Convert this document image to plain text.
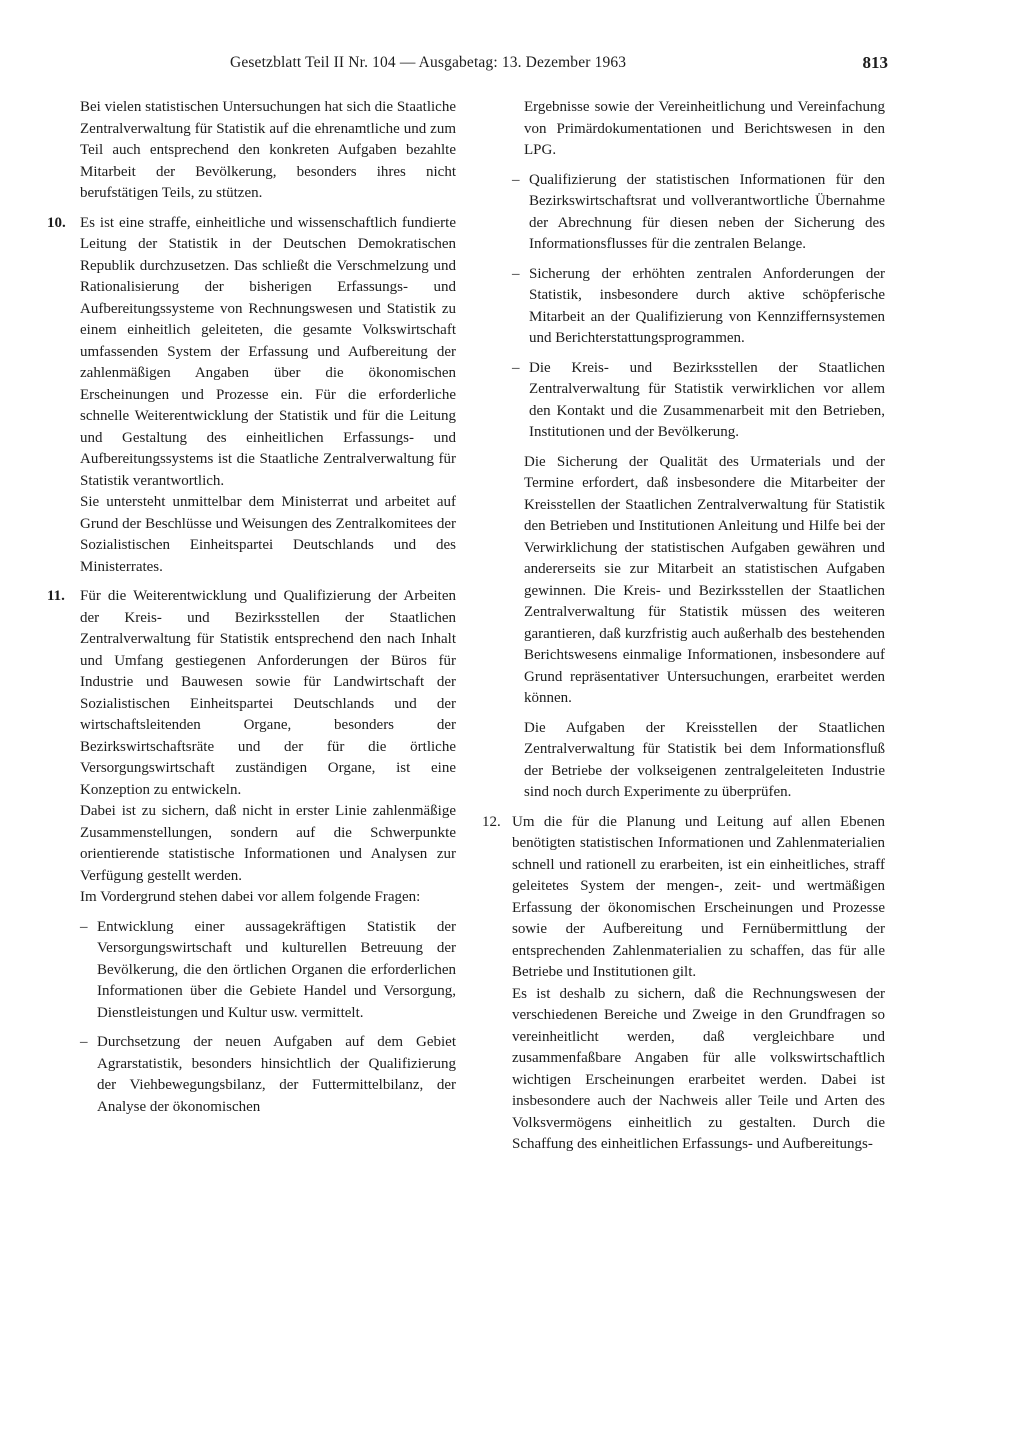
Gesetzblatt Teil II Nr. 104 — Ausgabetag: 13. Dezember 1963	813

Bei vielen statistischen Untersuchungen hat sich die Staatliche Zentralverwaltung für Statistik auf die ehrenamtliche und zum Teil auch entsprechend den konkreten Aufgaben bezahlte Mitarbeit der Bevölkerung, besonders ihres nicht berufstätigen Teils, zu stützen.

10. Es ist eine straffe, einheitliche und wissenschaftlich fundierte Leitung der Statistik in der Deutschen Demokratischen Republik durchzusetzen. Das schließt die Verschmelzung und Rationalisierung der bisherigen Erfassungs- und Aufbereitungssysteme von Rechnungswesen und Statistik zu einem einheitlich geleiteten, die gesamte Volkswirtschaft umfassenden System der Erfassung und Aufbereitung der zahlenmäßigen Angaben über die ökonomischen Erscheinungen und Prozesse ein. Für die erforderliche schnelle Weiterentwicklung der Statistik und für die Leitung und Gestaltung des einheitlichen Erfassungs- und Aufbereitungssystems ist die Staatliche Zentralverwaltung für Statistik verantwortlich.

Sie untersteht unmittelbar dem Ministerrat und arbeitet auf Grund der Beschlüsse und Weisungen des Zentralkomitees der Sozialistischen Einheitspartei Deutschlands und des Ministerrates.

11. Für die Weiterentwicklung und Qualifizierung der Arbeiten der Kreis- und Bezirksstellen der Staatlichen Zentralverwaltung für Statistik entsprechend den nach Inhalt und Umfang gestiegenen Anforderungen der Büros für Industrie und Bauwesen sowie für Landwirtschaft der Sozialistischen Einheitspartei Deutschlands und der wirtschaftsleitenden Organe, besonders der Bezirkswirtschaftsräte und der für die örtliche Versorgungswirtschaft zuständigen Organe, ist eine Konzeption zu entwickeln.

Dabei ist zu sichern, daß nicht in erster Linie zahlenmäßige Zusammenstellungen, sondern auf die Schwerpunkte orientierende statistische Informationen und Analysen zur Verfügung gestellt werden.

Im Vordergrund stehen dabei vor allem folgende Fragen:

– Entwicklung einer aussagekräftigen Statistik der Versorgungswirtschaft und kulturellen Betreuung der Bevölkerung, die den örtlichen Organen die erforderlichen Informationen über die Gebiete Handel und Versorgung, Dienstleistungen und Kultur usw. vermittelt.

– Durchsetzung der neuen Aufgaben auf dem Gebiet Agrarstatistik, besonders hinsichtlich der Qualifizierung der Viehbewegungsbilanz, der Futtermittelbilanz, der Analyse der ökonomischen

Ergebnisse sowie der Vereinheitlichung und Vereinfachung von Primärdokumentationen und Berichtswesen in den LPG.

– Qualifizierung der statistischen Informationen für den Bezirkswirtschaftsrat und vollverantwortliche Übernahme der Abrechnung für diesen neben der Sicherung des Informationsflusses für die zentralen Belange.

– Sicherung der erhöhten zentralen Anforderungen der Statistik, insbesondere durch aktive schöpferische Mitarbeit an der Qualifizierung von Kennziffernsystemen und Berichterstattungsprogrammen.

– Die Kreis- und Bezirksstellen der Staatlichen Zentralverwaltung für Statistik verwirklichen vor allem den Kontakt und die Zusammenarbeit mit den Betrieben, Institutionen und der Bevölkerung.

Die Sicherung der Qualität des Urmaterials und der Termine erfordert, daß insbesondere die Mitarbeiter der Kreisstellen der Staatlichen Zentralverwaltung für Statistik den Betrieben und Institutionen Anleitung und Hilfe bei der Verwirklichung der statistischen Aufgaben gewähren und andererseits sie zur Mitarbeit an statistischen Aufgaben gewinnen. Die Kreis- und Bezirksstellen der Staatlichen Zentralverwaltung für Statistik müssen des weiteren garantieren, daß kurzfristig auch außerhalb des bestehenden Berichtswesens einmalige Informationen, insbesondere auf Grund repräsentativer Untersuchungen, erarbeitet werden können.

Die Aufgaben der Kreisstellen der Staatlichen Zentralverwaltung für Statistik bei dem Informationsfluß der Betriebe der volkseigenen zentralgeleiteten Industrie sind noch durch Experimente zu überprüfen.

12. Um die für die Planung und Leitung auf allen Ebenen benötigten statistischen Informationen und Zahlenmaterialien schnell und rationell zu erarbeiten, ist ein einheitliches, straff geleitetes System der mengen-, zeit- und wertmäßigen Erfassung der ökonomischen Erscheinungen und Prozesse sowie der Aufbereitung und Fernübermittlung der entsprechenden Zahlenmaterialien zu schaffen, das für alle Betriebe und Institutionen gilt.

Es ist deshalb zu sichern, daß die Rechnungswesen der verschiedenen Bereiche und Zweige in den Grundfragen so vereinheitlicht werden, daß vergleichbare und zusammenfaßbare Angaben für alle volkswirtschaftlich wichtigen Erscheinungen erarbeitet werden. Dabei ist insbesondere auch der Nachweis aller Teile und Arten des Volksvermögens einheitlich zu gestalten. Durch die Schaffung des einheitlichen Erfassungs- und Aufbereitungs-
